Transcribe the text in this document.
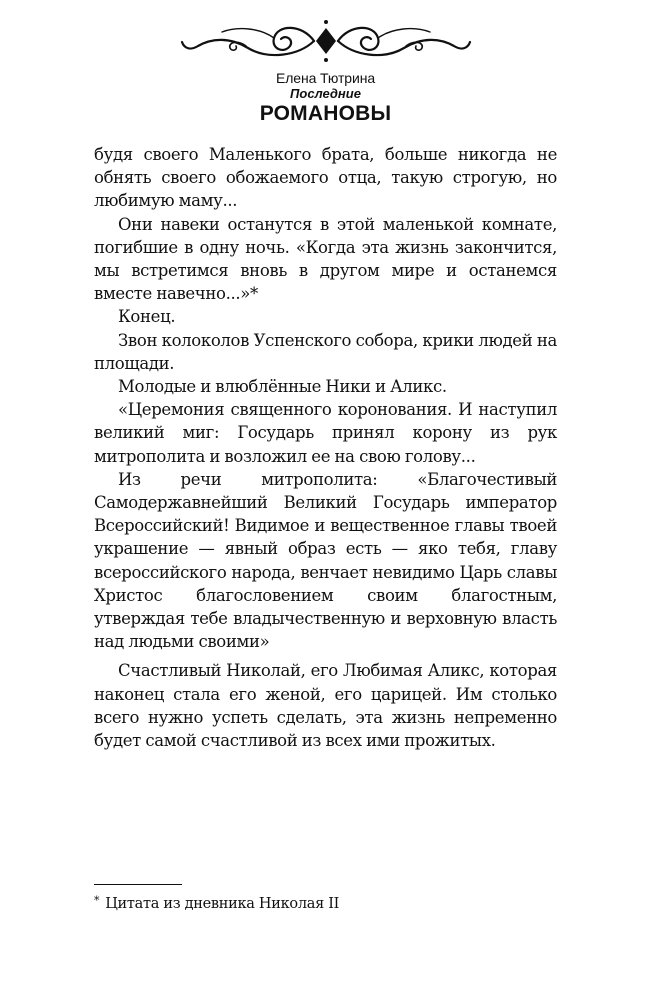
Елена Тютрина
Последние
РОМАНОВЫ

будя своего Маленького брата, больше никогда не обнять своего обожаемого отца, такую строгую, но любимую маму...

Они навеки останутся в этой маленькой комнате, погибшие в одну ночь. «Когда эта жизнь закончится, мы встретимся вновь в другом мире и останемся вместе навечно...»*

Конец.

Звон колоколов Успенского собора, крики людей на площади.

Молодые и влюблённые Ники и Аликс.

«Церемония священного коронования. И наступил великий миг: Государь принял корону из рук митрополита и возложил ее на свою голову...

Из речи митрополита: «Благочестивый Самодержавнейший Великий Государь император Всероссийский! Видимое и вещественное главы твоей украшение — явный образ есть — яко тебя, главу всероссийского народа, венчает невидимо Царь славы Христос благословением своим благостным, утверждая тебе владычественную и верховную власть над людьми своими»

Счастливый Николай, его Любимая Аликс, которая наконец стала его женой, его царицей. Им столько всего нужно успеть сделать, эта жизнь непременно будет самой счастливой из всех ими прожитых.

* Цитата из дневника Николая II
